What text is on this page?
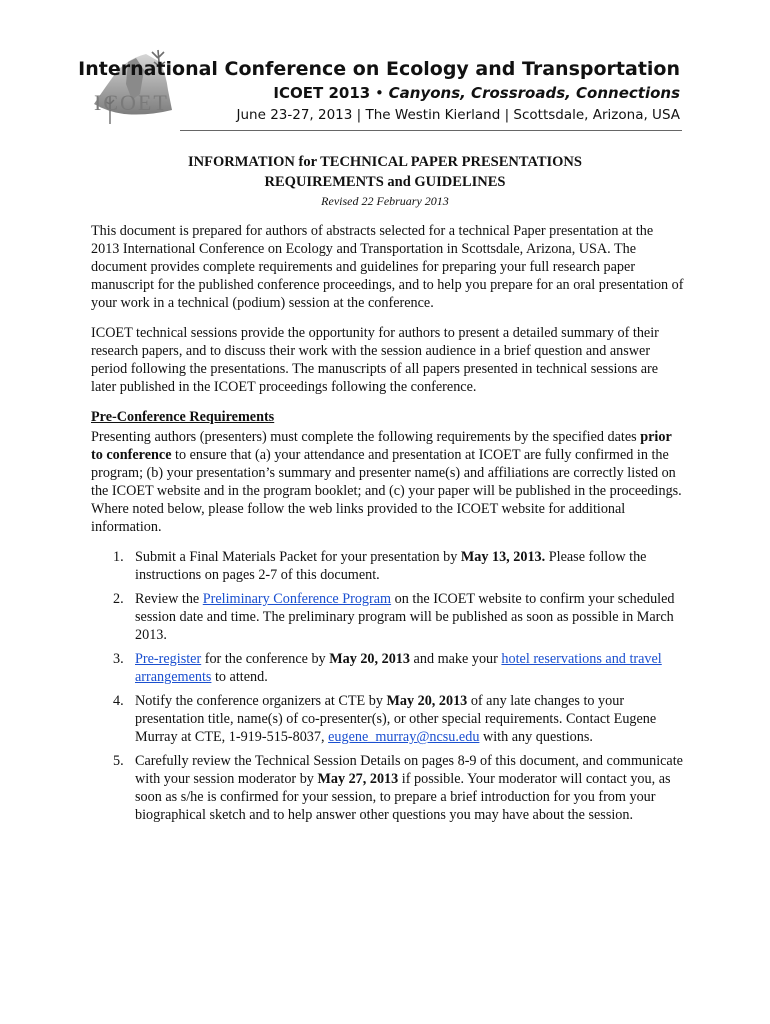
ICOET
International Conference on Ecology and Transportation
ICOET 2013 • Canyons, Crossroads, Connections
June 23-27, 2013 | The Westin Kierland | Scottsdale, Arizona, USA
INFORMATION for TECHNICAL PAPER PRESENTATIONS
REQUIREMENTS and GUIDELINES
Revised 22 February 2013

This document is prepared for authors of abstracts selected for a technical Paper presentation at the 2013 International Conference on Ecology and Transportation in Scottsdale, Arizona, USA. The document provides complete requirements and guidelines for preparing your full research paper manuscript for the published conference proceedings, and to help you prepare for an oral presentation of your work in a technical (podium) session at the conference.

ICOET technical sessions provide the opportunity for authors to present a detailed summary of their research papers, and to discuss their work with the session audience in a brief question and answer period following the presentations. The manuscripts of all papers presented in technical sessions are later published in the ICOET proceedings following the conference.

Pre-Conference Requirements

Presenting authors (presenters) must complete the following requirements by the specified dates prior to conference to ensure that (a) your attendance and presentation at ICOET are fully confirmed in the program; (b) your presentation’s summary and presenter name(s) and affiliations are correctly listed on the ICOET website and in the program booklet; and (c) your paper will be published in the proceedings. Where noted below, please follow the web links provided to the ICOET website for additional information.

1. Submit a Final Materials Packet for your presentation by May 13, 2013. Please follow the instructions on pages 2-7 of this document.
2. Review the Preliminary Conference Program on the ICOET website to confirm your scheduled session date and time. The preliminary program will be published as soon as possible in March 2013.
3. Pre-register for the conference by May 20, 2013 and make your hotel reservations and travel arrangements to attend.
4. Notify the conference organizers at CTE by May 20, 2013 of any late changes to your presentation title, name(s) of co-presenter(s), or other special requirements. Contact Eugene Murray at CTE, 1-919-515-8037, eugene_murray@ncsu.edu with any questions.
5. Carefully review the Technical Session Details on pages 8-9 of this document, and communicate with your session moderator by May 27, 2013 if possible. Your moderator will contact you, as soon as s/he is confirmed for your session, to prepare a brief introduction for you from your biographical sketch and to help answer other questions you may have about the session.
